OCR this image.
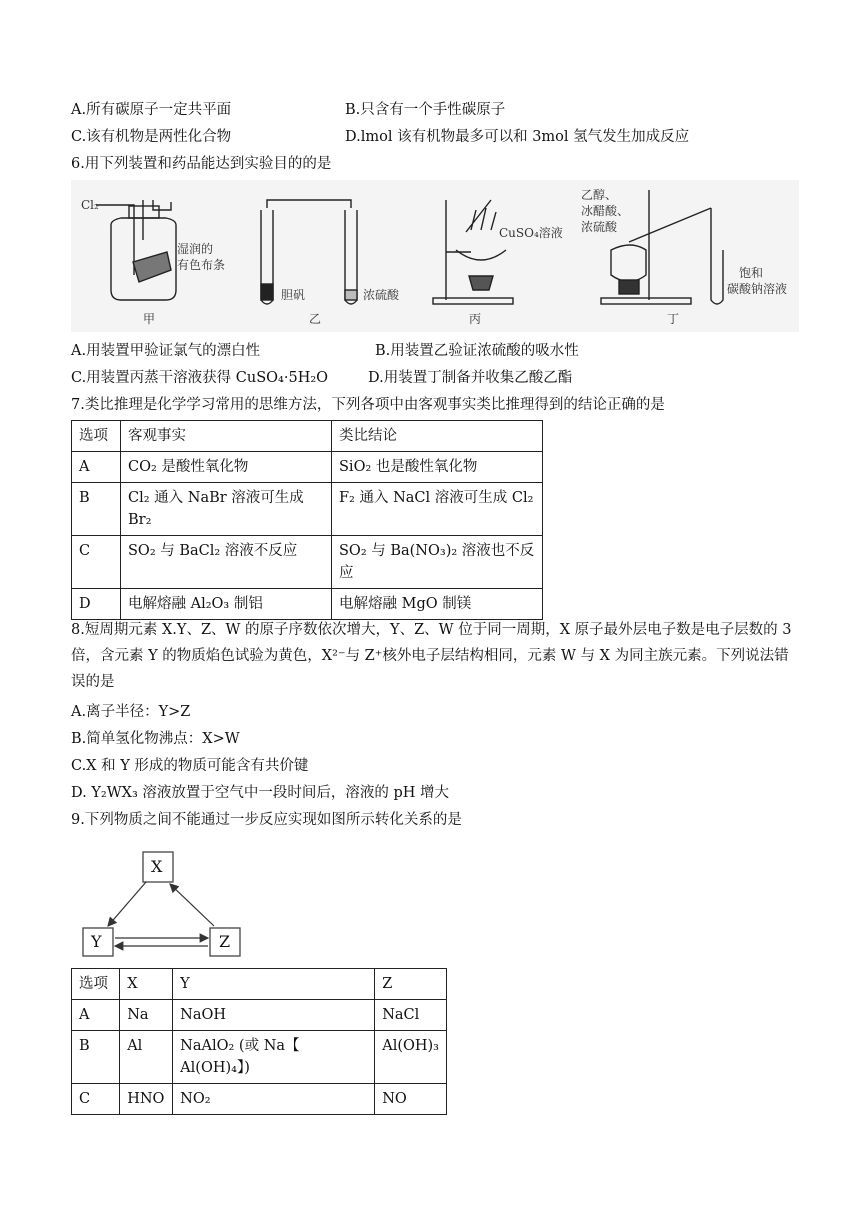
A.所有碳原子一定共平面	B.只含有一个手性碳原子
C.该有机物是两性化合物	D.lmol 该有机物最多可以和 3mol 氢气发生加成反应
6.用下列装置和药品能达到实验目的的是
Cl₂
湿润的
有色布条
甲
胆矾	浓硫酸
乙
CuSO₄溶液
丙
乙醇、
冰醋酸、
浓硫酸
饱和
碳酸钠溶液
丁
A.用装置甲验证氯气的漂白性	B.用装置乙验证浓硫酸的吸水性
C.用装置丙蒸干溶液获得 CuSO₄·5H₂O	D.用装置丁制备并收集乙酸乙酯
7.类比推理是化学学习常用的思维方法，下列各项中由客观事实类比推理得到的结论正确的是
选项	客观事实	类比结论
A	CO₂ 是酸性氧化物	SiO₂ 也是酸性氧化物
B	Cl₂ 通入 NaBr 溶液可生成 Br₂	F₂ 通入 NaCl 溶液可生成 Cl₂
C	SO₂ 与 BaCl₂ 溶液不反应	SO₂ 与 Ba(NO₃)₂ 溶液也不反应
D	电解熔融 Al₂O₃ 制铝	电解熔融 MgO 制镁
8.短周期元素 X.Y、Z、W 的原子序数依次增大，Y、Z、W 位于同一周期，X 原子最外层电子数是电子层数的 3 倍，含元素 Y 的物质焰色试验为黄色，X²⁻与 Z⁺核外电子层结构相同，元素 W 与 X 为同主族元素。下列说法错误的是
A.离子半径：Y>Z
B.简单氢化物沸点：X>W
C.X 和 Y 形成的物质可能含有共价键
D. Y₂WX₃ 溶液放置于空气中一段时间后，溶液的 pH 增大
9.下列物质之间不能通过一步反应实现如图所示转化关系的是
X
Y	Z
选项	X	Y	Z
A	Na	NaOH	NaCl
B	Al	NaAlO₂ (或 Na【 Al(OH)₄】)	Al(OH)₃
C	HNO	NO₂	NO
